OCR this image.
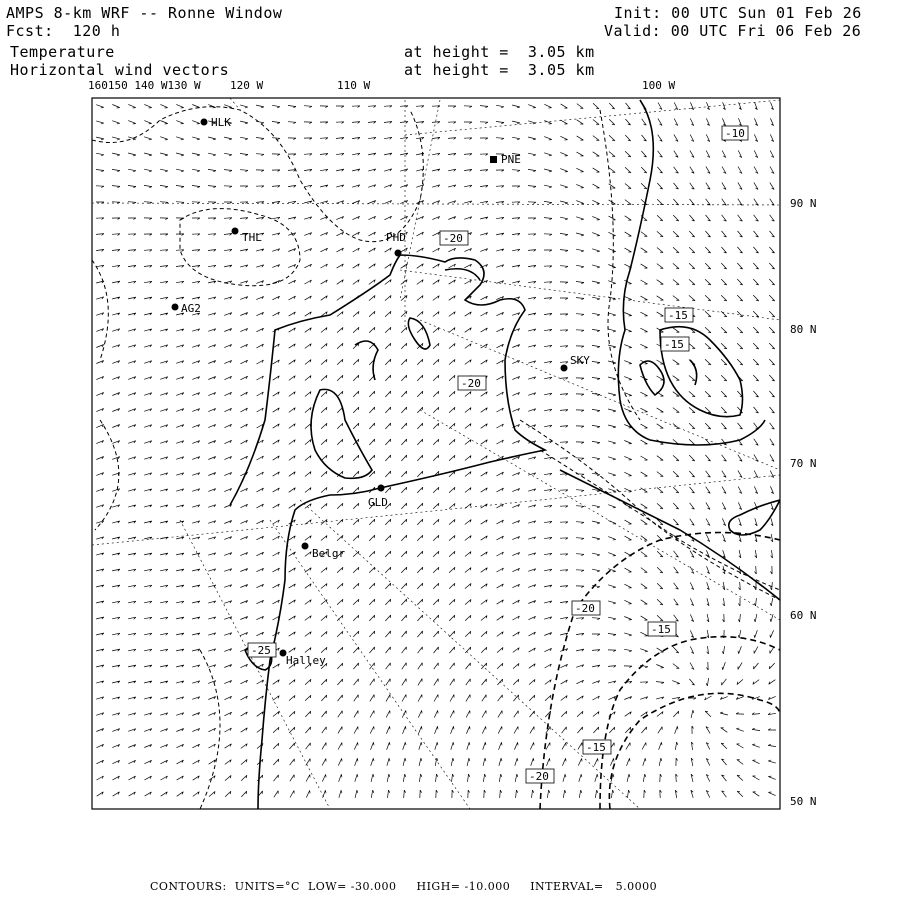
AMPS 8-km WRF -- Ronne Window
Fcst:  120 h
Init: 00 UTC Sun 01 Feb 26
Valid: 00 UTC Fri 06 Feb 26
Temperature	at height =  3.05 km
Horizontal wind vectors	at height =  3.05 km
HLK
PNE
THL	PHD
AG2
SKY
GLD
Belgr
Halley
-10
-20
-15
-15
-20
-20
-15
-25
-15
-20
160150 140 W130 W	120 W	110 W	100 W
90 N
80 N
70 N
60 N
50 N
CONTOURS:  UNITS=°C  LOW= -30.000     HIGH= -10.000     INTERVAL=   5.0000
